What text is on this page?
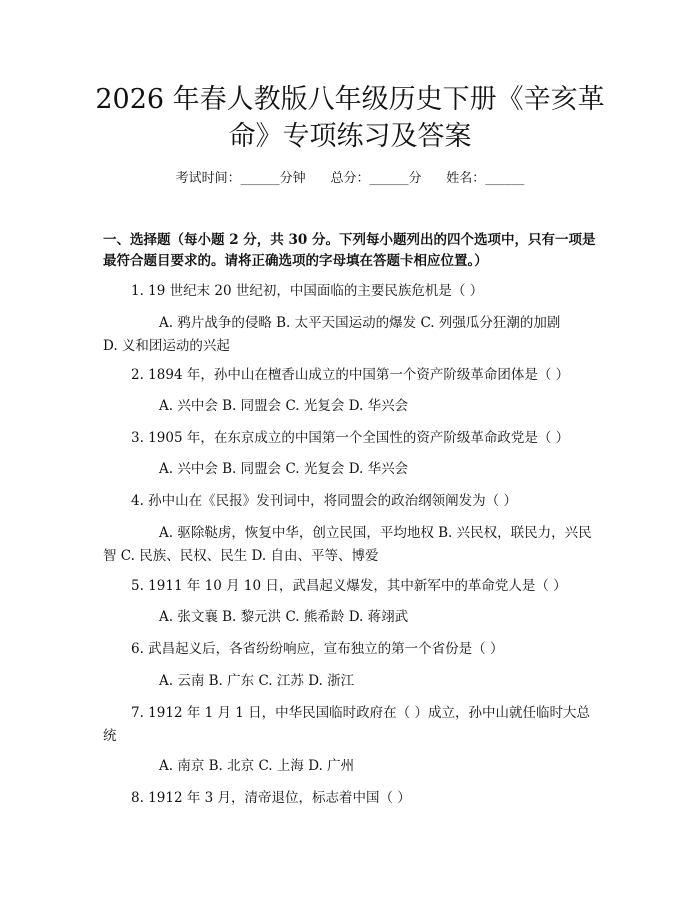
2026 年春人教版八年级历史下册《辛亥革
命》专项练习及答案
考试时间：______分钟 总分：______分 姓名：______

一、选择题（每小题 2 分，共 30 分。下列每小题列出的四个选项中，只有一项是最符合题目要求的。请将正确选项的字母填在答题卡相应位置。）

1. 19 世纪末 20 世纪初，中国面临的主要民族危机是（ ）

A. 鸦片战争的侵略 B. 太平天国运动的爆发 C. 列强瓜分狂潮的加剧 D. 义和团运动的兴起

2. 1894 年，孙中山在檀香山成立的中国第一个资产阶级革命团体是（ ）

A. 兴中会 B. 同盟会 C. 光复会 D. 华兴会

3. 1905 年，在东京成立的中国第一个全国性的资产阶级革命政党是（ ）

A. 兴中会 B. 同盟会 C. 光复会 D. 华兴会

4. 孙中山在《民报》发刊词中，将同盟会的政治纲领阐发为（ ）

A. 驱除鞑虏，恢复中华，创立民国，平均地权 B. 兴民权，联民力，兴民智 C. 民族、民权、民生 D. 自由、平等、博爱

5. 1911 年 10 月 10 日，武昌起义爆发，其中新军中的革命党人是（ ）

A. 张文襄 B. 黎元洪 C. 熊希龄 D. 蒋翊武

6. 武昌起义后，各省纷纷响应，宣布独立的第一个省份是（ ）

A. 云南 B. 广东 C. 江苏 D. 浙江

7. 1912 年 1 月 1 日，中华民国临时政府在（ ）成立，孙中山就任临时大总统

A. 南京 B. 北京 C. 上海 D. 广州

8. 1912 年 3 月，清帝退位，标志着中国（ ）
